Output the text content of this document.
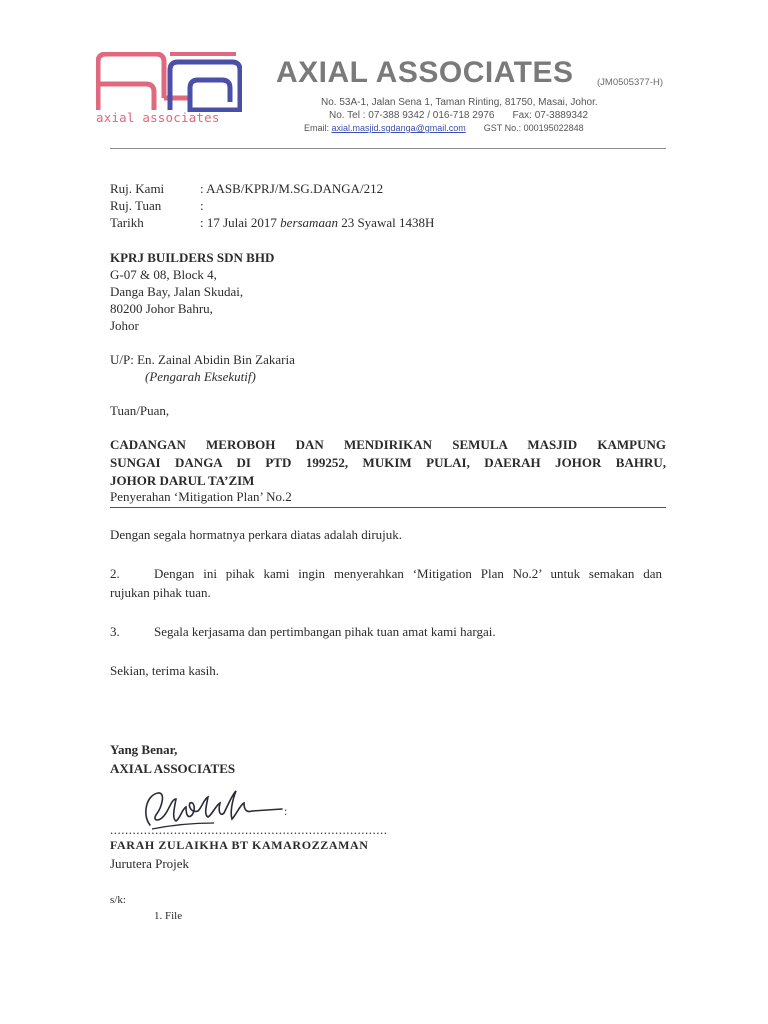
axial associates
AXIAL ASSOCIATES (JM0505377-H)
No. 53A-1, Jalan Sena 1, Taman Rinting, 81750, Masai, Johor.
No. Tel : 07-388 9342 / 016-718 2976 Fax: 07-3889342
Email: axial.masjid.sgdanga@gmail.com GST No.: 000195022848
Ruj. Kami	: AASB/KPRJ/M.SG.DANGA/212
Ruj. Tuan	:
Tarikh	: 17 Julai 2017 bersamaan 23 Syawal 1438H
KPRJ BUILDERS SDN BHD
G-07 & 08, Block 4,
Danga Bay, Jalan Skudai,
80200 Johor Bahru,
Johor
U/P: En. Zainal Abidin Bin Zakaria
(Pengarah Eksekutif)
Tuan/Puan,
CADANGAN MEROBOH DAN MENDIRIKAN SEMULA MASJID KAMPUNG
SUNGAI DANGA DI PTD 199252, MUKIM PULAI, DAERAH JOHOR BAHRU,
JOHOR DARUL TA’ZIM
Penyerahan ‘Mitigation Plan’ No.2
Dengan segala hormatnya perkara diatas adalah dirujuk.
2.	Dengan ini pihak kami ingin menyerahkan ‘Mitigation Plan No.2’ untuk semakan dan
rujukan pihak tuan.
3.	Segala kerjasama dan pertimbangan pihak tuan amat kami hargai.
Sekian, terima kasih.
Yang Benar,
AXIAL ASSOCIATES
:
..........................................................................
FARAH ZULAIKHA BT KAMAROZZAMAN
Jurutera Projek
s/k:
1. File
